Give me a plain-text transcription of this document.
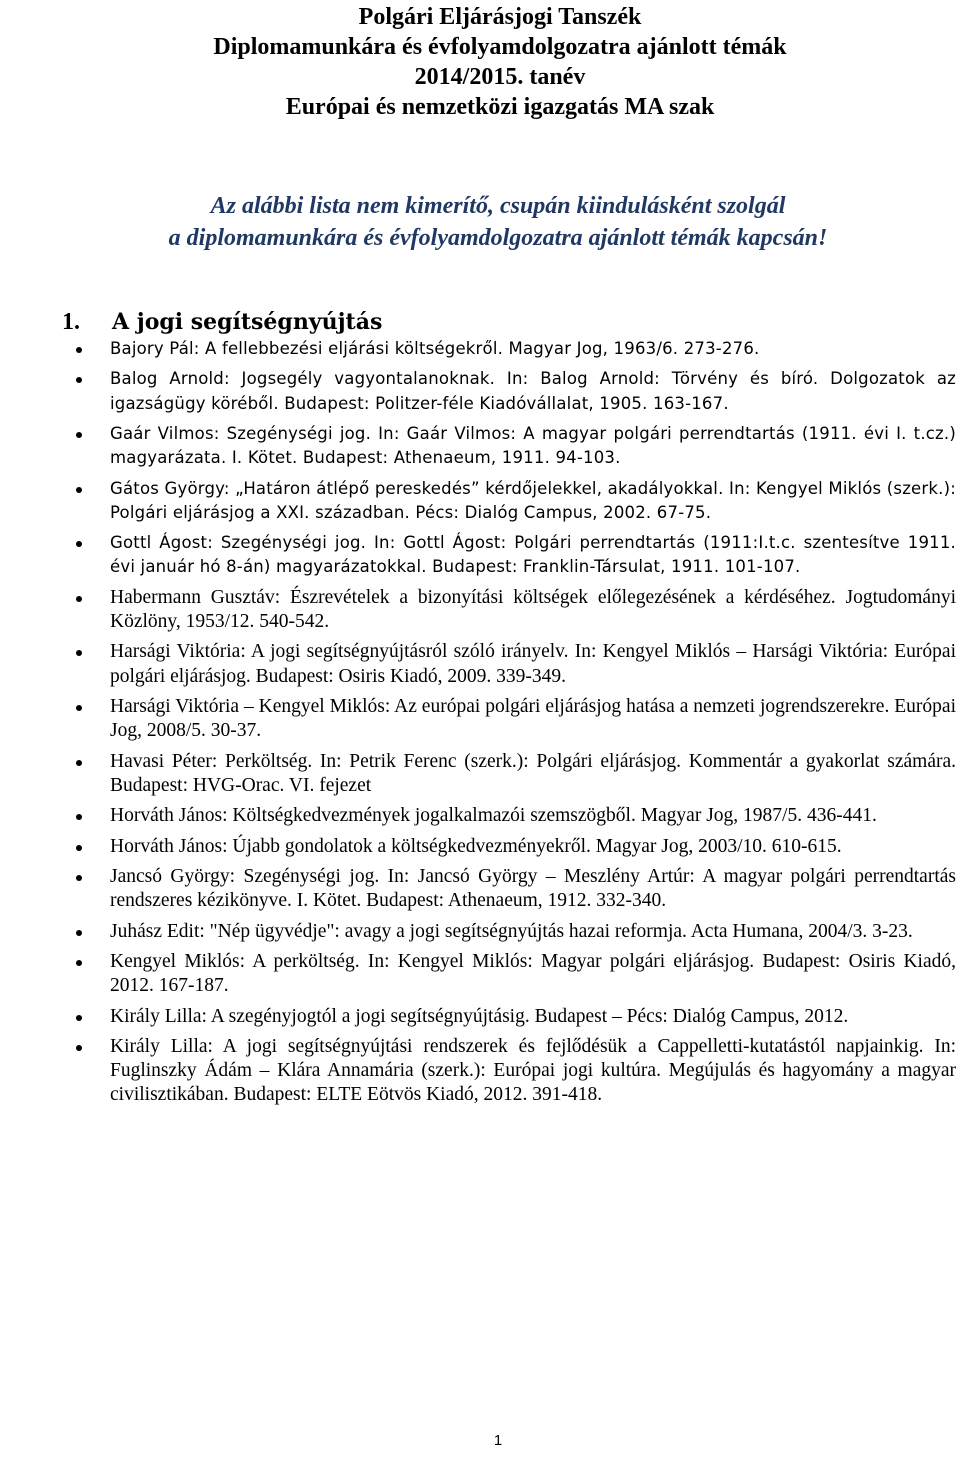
Polgári Eljárásjogi Tanszék
Diplomamunkára és évfolyamdolgozatra ajánlott témák
2014/2015. tanév
Európai és nemzetközi igazgatás MA szak
Az alábbi lista nem kimerítő, csupán kiindulásként szolgál
a diplomamunkára és évfolyamdolgozatra ajánlott témák kapcsán!
1. A jogi segítségnyújtás
Bajory Pál: A fellebbezési eljárási költségekről. Magyar Jog, 1963/6. 273-276.
Balog Arnold: Jogsegély vagyontalanoknak. In: Balog Arnold: Törvény és bíró. Dolgozatok az igazságügy köréből. Budapest: Politzer-féle Kiadóvállalat, 1905. 163-167.
Gaár Vilmos: Szegénységi jog. In: Gaár Vilmos: A magyar polgári perrendtartás (1911. évi I. t.cz.) magyarázata. I. Kötet. Budapest: Athenaeum, 1911. 94-103.
Gátos György: „Határon átlépő pereskedés” kérdőjelekkel, akadályokkal. In: Kengyel Miklós (szerk.): Polgári eljárásjog a XXI. században. Pécs: Dialóg Campus, 2002. 67-75.
Gottl Ágost: Szegénységi jog. In: Gottl Ágost: Polgári perrendtartás (1911:I.t.c. szentesítve 1911. évi január hó 8-án) magyarázatokkal. Budapest: Franklin-Társulat, 1911. 101-107.
Habermann Gusztáv: Észrevételek a bizonyítási költségek előlegezésének a kérdéséhez. Jogtudományi Közlöny, 1953/12. 540-542.
Harsági Viktória: A jogi segítségnyújtásról szóló irányelv. In: Kengyel Miklós – Harsági Viktória: Európai polgári eljárásjog. Budapest: Osiris Kiadó, 2009. 339-349.
Harsági Viktória – Kengyel Miklós: Az európai polgári eljárásjog hatása a nemzeti jogrendszerekre. Európai Jog, 2008/5. 30-37.
Havasi Péter: Perköltség. In: Petrik Ferenc (szerk.): Polgári eljárásjog. Kommentár a gyakorlat számára. Budapest: HVG-Orac. VI. fejezet
Horváth János: Költségkedvezmények jogalkalmazói szemszögből. Magyar Jog, 1987/5. 436-441.
Horváth János: Újabb gondolatok a költségkedvezményekről. Magyar Jog, 2003/10. 610-615.
Jancsó György: Szegénységi jog. In: Jancsó György – Meszlény Artúr: A magyar polgári perrendtartás rendszeres kézikönyve. I. Kötet. Budapest: Athenaeum, 1912. 332-340.
Juhász Edit: "Nép ügyvédje": avagy a jogi segítségnyújtás hazai reformja. Acta Humana, 2004/3. 3-23.
Kengyel Miklós: A perköltség. In: Kengyel Miklós: Magyar polgári eljárásjog. Budapest: Osiris Kiadó, 2012. 167-187.
Király Lilla: A szegényjogtól a jogi segítségnyújtásig. Budapest – Pécs: Dialóg Campus, 2012.
Király Lilla: A jogi segítségnyújtási rendszerek és fejlődésük a Cappelletti-kutatástól napjainkig. In: Fuglinszky Ádám – Klára Annamária (szerk.): Európai jogi kultúra. Megújulás és hagyomány a magyar civilisztikában. Budapest: ELTE Eötvös Kiadó, 2012. 391-418.
1
